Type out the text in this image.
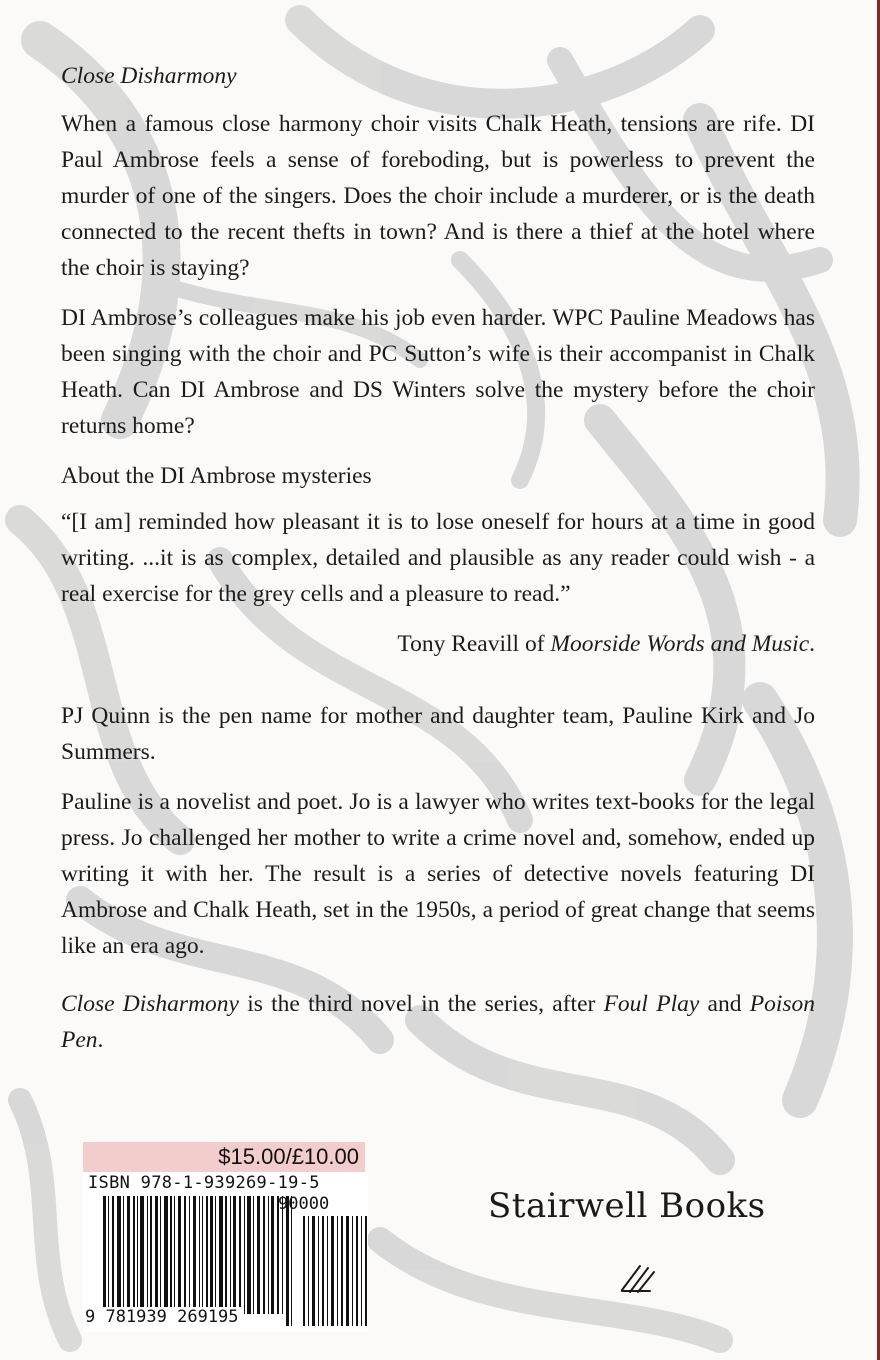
Close Disharmony

When a famous close harmony choir visits Chalk Heath, tensions are rife. DI Paul Ambrose feels a sense of foreboding, but is powerless to prevent the murder of one of the singers. Does the choir include a murderer, or is the death connected to the recent thefts in town? And is there a thief at the hotel where the choir is staying?

DI Ambrose’s colleagues make his job even harder. WPC Pauline Meadows has been singing with the choir and PC Sutton’s wife is their accompanist in Chalk Heath. Can DI Ambrose and DS Winters solve the mystery before the choir returns home?

About the DI Ambrose mysteries

“[I am] reminded how pleasant it is to lose oneself for hours at a time in good writing. ...it is as complex, detailed and plausible as any reader could wish - a real exercise for the grey cells and a pleasure to read.”

Tony Reavill of Moorside Words and Music.

PJ Quinn is the pen name for mother and daughter team, Pauline Kirk and Jo Summers.

Pauline is a novelist and poet. Jo is a lawyer who writes text-books for the legal press. Jo challenged her mother to write a crime novel and, somehow, ended up writing it with her. The result is a series of detective novels featuring DI Ambrose and Chalk Heath, set in the 1950s, a period of great change that seems like an era ago.

Close Disharmony is the third novel in the series, after Foul Play and Poison Pen.

$15.00/£10.00
ISBN 978-1-939269-19-5
90000
9 781939 269195
Stairwell Books
